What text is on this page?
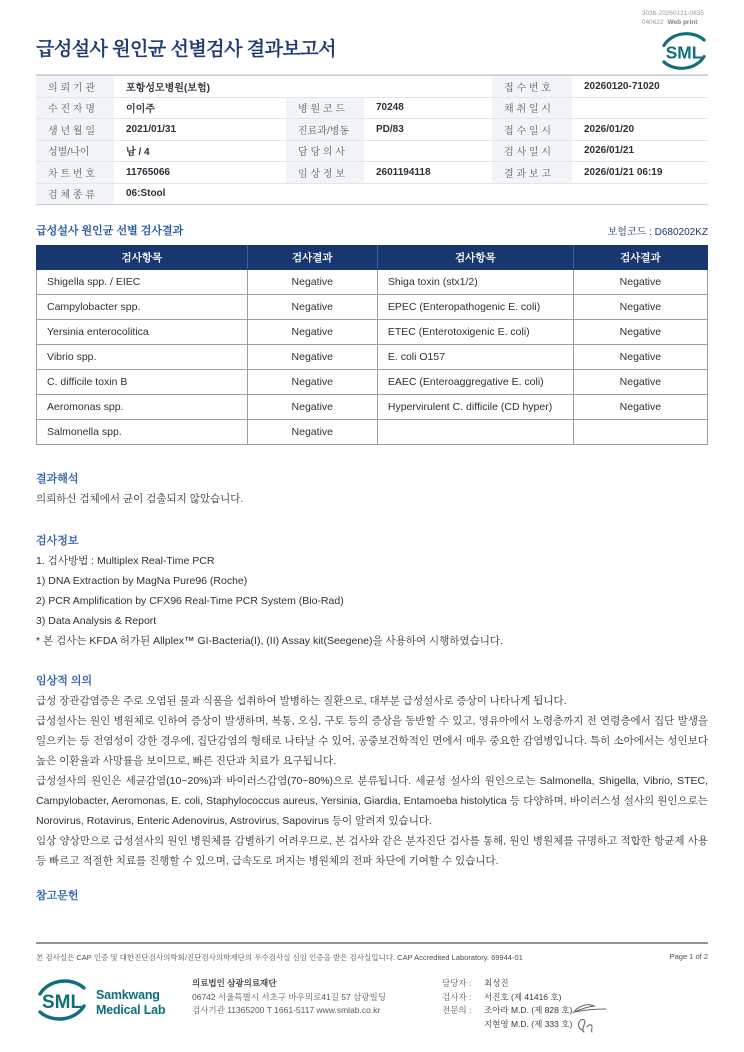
3036-20260121-0835
040622 Web print
급성설사 원인균 선별검사 결과보고서	SML
의 뢰 기 관	포항성모병원(보험)			접 수 번 호	20260120-71020
수 진 자 명	이이주	병 원 코 드	70248	채 취 일 시	
생 년 월 일	2021/01/31	진료과/병동	PD/83	접 수 일 시	2026/01/20
성별/나이	남 / 4	담 당 의 사		검 사 일 시	2026/01/21
차 트 번 호	11765066	임 상 정 보	2601194118	결 과 보 고	2026/01/21 06:19
검 체 종 류	06:Stool				
급성설사 원인균 선별 검사결과	보험코드 : D680202KZ
검사항목	검사결과	검사항목	검사결과
Shigella spp. / EIEC	Negative	Shiga toxin (stx1/2)	Negative
Campylobacter spp.	Negative	EPEC (Enteropathogenic E. coli)	Negative
Yersinia enterocolitica	Negative	ETEC (Enterotoxigenic E. coli)	Negative
Vibrio spp.	Negative	E. coli O157	Negative
C. difficile toxin B	Negative	EAEC (Enteroaggregative E. coli)	Negative
Aeromonas spp.	Negative	Hypervirulent C. difficile (CD hyper)	Negative
Salmonella spp.	Negative		
결과해석
의뢰하신 검체에서 균이 검출되지 않았습니다.
검사정보
1. 검사방법 : Multiplex Real-Time PCR
1) DNA Extraction by MagNa Pure96 (Roche)
2) PCR Amplification by CFX96 Real-Time PCR System (Bio-Rad)
3) Data Analysis & Report
* 본 검사는 KFDA 허가된 Allplex™ GI-Bacteria(I), (II) Assay kit(Seegene)을 사용하여 시행하였습니다.
임상적 의의
급성 장관감염증은 주로 오염된 물과 식품을 섭취하여 발병하는 질환으로, 대부분 급성설사로 증상이 나타나게 됩니다.
급성설사는 원인 병원체로 인하여 증상이 발생하며, 복통, 오심, 구토 등의 증상을 동반할 수 있고, 영유아에서 노령층까지 전 연령층에서 집단 발생을 일으키는 등 전염성이 강한 경우에, 집단감염의 형태로 나타날 수 있어, 공중보건학적인 면에서 매우 중요한 감염병입니다. 특히 소아에서는 성인보다 높은 이환율과 사망률을 보이므로, 빠른 진단과 치료가 요구됩니다.
급성설사의 원인은 세균감염(10~20%)과 바이러스감염(70~80%)으로 분류됩니다. 세균성 설사의 원인으로는 Salmonella, Shigella, Vibrio, STEC, Campylobacter, Aeromonas, E. coli, Staphylococcus aureus, Yersinia, Giardia, Entamoeba histolytica 등 다양하며, 바이러스성 설사의 원인으로는 Norovirus, Rotavirus, Enteric Adenovirus, Astrovirus, Sapovirus 등이 알려져 있습니다.
임상 양상만으로 급성설사의 원인 병원체를 감별하기 어려우므로, 본 검사와 같은 분자진단 검사를 통해, 원인 병원체를 규명하고 적합한 항균제 사용 등 빠르고 적절한 치료를 진행할 수 있으며, 급속도로 퍼지는 병원체의 전파 차단에 기여할 수 있습니다.
참고문헌
본 검사실은 CAP 인증 및 대한진단검사의학회/진단검사의학재단의 우수검사실 신임 인증을 받은 검사실입니다. CAP Accredited Laboratory. 69944-01	Page 1 of 2
SML Samkwang
Medical Lab
의료법인 삼광의료재단
06742 서울특별시 서초구 바우뫼로41길 57 삼광빌딩
검사기관 11365200 T 1661-5117 www.smlab.co.kr
담당자 :	최성진
검사자 :	서진호 (제 41416 호)
전문의 :	조아라 M.D. (제 828 호)
지현영 M.D. (제 333 호)
